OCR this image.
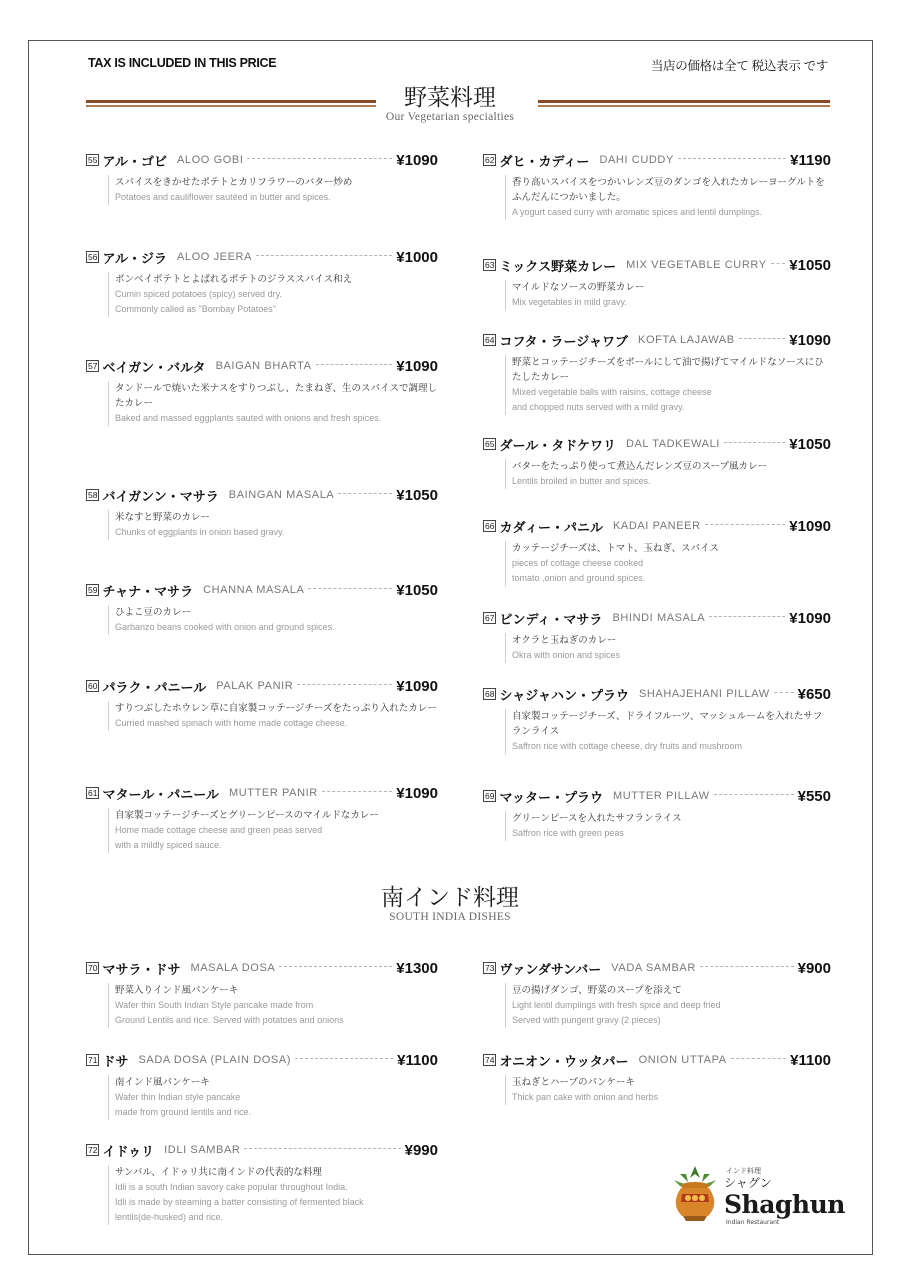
TAX IS INCLUDED IN THIS PRICE	当店の価格は全て 税込表示 です
野菜料理
Our Vegetarian specialties
南インド料理
SOUTH INDIA DISHES
55 アル・ゴビ ALOO GOBI	¥1090
スパイスをきかせたポテトとカリフラワーのバター炒め
Potatoes and cauliflower sautéed in butter and spices.
56 アル・ジラ ALOO JEERA	¥1000
ボンベイポテトとよばれるポテトのジラススパイス和え
Cumin spiced potatoes (spicy) served dry.
Commonly called as "Bombay Potatoes"
57 ベイガン・バルタ BAIGAN BHARTA	¥1090
タンドールで焼いた米ナスをすりつぶし、たまねぎ、生のスパイスで調理したカレー
Baked and massed eggplants sauted with onions and fresh spices.
58 バイガンン・マサラ BAINGAN MASALA	¥1050
米なすと野菜のカレー
Chunks of eggplants in onion based gravy.
59 チャナ・マサラ CHANNA MASALA	¥1050
ひよこ豆のカレー
Garbanzo beans cooked with onion and ground spices.
60 パラク・パニール PALAK PANIR	¥1090
すりつぶしたホウレン草に自家製コッテージチーズをたっぷり入れたカレー
Curried mashed spinach with home made cottage cheese.
61 マタール・パニール MUTTER PANIR	¥1090
自家製コッテージチーズとグリーンピースのマイルドなカレー
Home made cottage cheese and green peas served
with a mildly spiced sauce.
62 ダヒ・カディー DAHI CUDDY	¥1190
香り高いスパイスをつかいレンズ豆のダンゴを入れたカレーヨーグルトをふんだんにつかいました。
A yogurt cased curry with aromatic spices and lentil dumplings.
63 ミックス野菜カレー MIX VEGETABLE CURRY ¥1050
マイルドなソースの野菜カレー
Mix vegetables in mild gravy.
64 コフタ・ラージャワブ KOFTA LAJAWAB	¥1090
野菜とコッテージチーズをボールにして油で揚げてマイルドなソースにひたしたカレー
Mixed vegetable balls with raisins, cottage cheese
and chopped nuts served with a mild gravy.
65 ダール・タドケワリ DAL TADKEWALI	¥1050
バターをたっぷり使って煮込んだレンズ豆のスープ風カレー
Lentils broiled in butter and spices.
66 カダィー・パニル KADAI PANEER	¥1090
カッテージチーズは、トマト、玉ねぎ、スパイス
pieces of cottage cheese cooked
tomato ,onion and ground spices.
67 ビンディ・マサラ BHINDI MASALA	¥1090
オクラと玉ねぎのカレー
Okra with onion and spices
68 シャジャハン・プラウ SHAHAJEHANI PILLAW ¥650
自家製コッテージチーズ、ドライフルーツ、マッシュルームを入れたサフランライス
Saffron rice with cottage cheese, dry fruits and mushroom
69 マッター・プラウ MUTTER PILLAW	¥550
グリーンピースを入れたサフランライス
Saffron rice with green peas
70 マサラ・ドサ MASALA DOSA	¥1300
野菜入りインド風パンケーキ
Wafer thin South Indian Style pancake made from
Ground Lentils and rice. Served with potatoes and onions
71 ドサ SADA DOSA (PLAIN DOSA)	¥1100
南インド風パンケーキ
Wafer thin Indian style pancake
made from ground lentils and rice.
72 イドゥリ IDLI SAMBAR	¥990
サンバル、イドゥリ共に南インドの代表的な料理
Idli is a south Indian savory cake popular throughout India.
Idli is made by steaming a batter consisting of fermented black
lentils(de-husked) and rice.
73 ヴァンダサンバー VADA SAMBAR	¥900
豆の揚げダンゴ、野菜のスープを添えて
Light lentil dumplings with fresh spice and deep fried
Served with pungent gravy (2 pieces)
74 オニオン・ウッタパー ONION UTTAPA	¥1100
玉ねぎとハーブのパンケーキ
Thick pan cake with onion and herbs
インド料理
シャグン
Shaghun
Indian Restaurant
